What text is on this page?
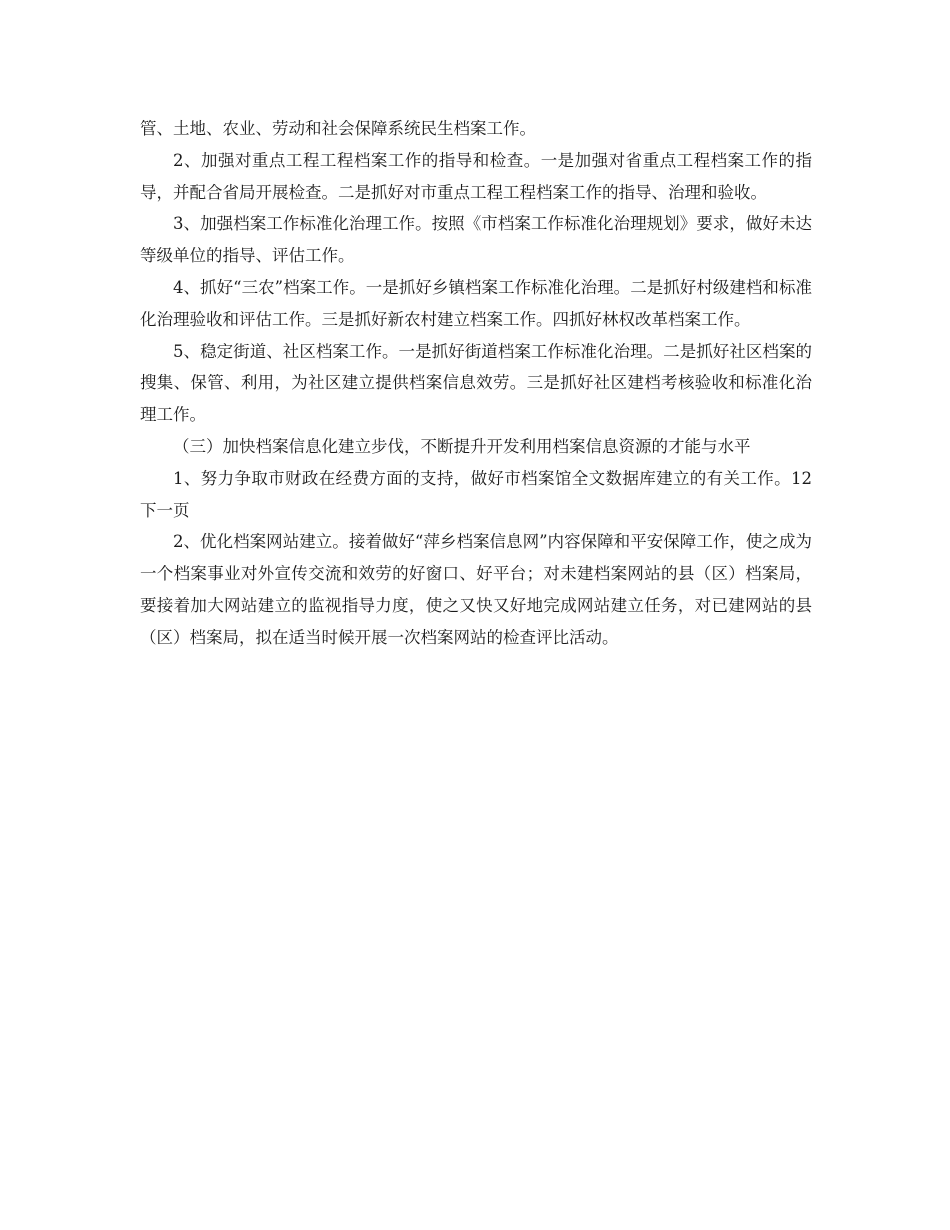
管、土地、农业、劳动和社会保障系统民生档案工作。

2、加强对重点工程工程档案工作的指导和检查。一是加强对省重点工程档案工作的指导，并配合省局开展检查。二是抓好对市重点工程工程档案工作的指导、治理和验收。

3、加强档案工作标准化治理工作。按照《市档案工作标准化治理规划》要求，做好未达等级单位的指导、评估工作。

4、抓好“三农”档案工作。一是抓好乡镇档案工作标准化治理。二是抓好村级建档和标准化治理验收和评估工作。三是抓好新农村建立档案工作。四抓好林权改革档案工作。

5、稳定街道、社区档案工作。一是抓好街道档案工作标准化治理。二是抓好社区档案的搜集、保管、利用，为社区建立提供档案信息效劳。三是抓好社区建档考核验收和标准化治理工作。

（三）加快档案信息化建立步伐，不断提升开发利用档案信息资源的才能与水平

1、努力争取市财政在经费方面的支持，做好市档案馆全文数据库建立的有关工作。12下一页

2、优化档案网站建立。接着做好“萍乡档案信息网”内容保障和平安保障工作，使之成为一个档案事业对外宣传交流和效劳的好窗口、好平台；对未建档案网站的县（区）档案局，要接着加大网站建立的监视指导力度，使之又快又好地完成网站建立任务，对已建网站的县（区）档案局，拟在适当时候开展一次档案网站的检查评比活动。
